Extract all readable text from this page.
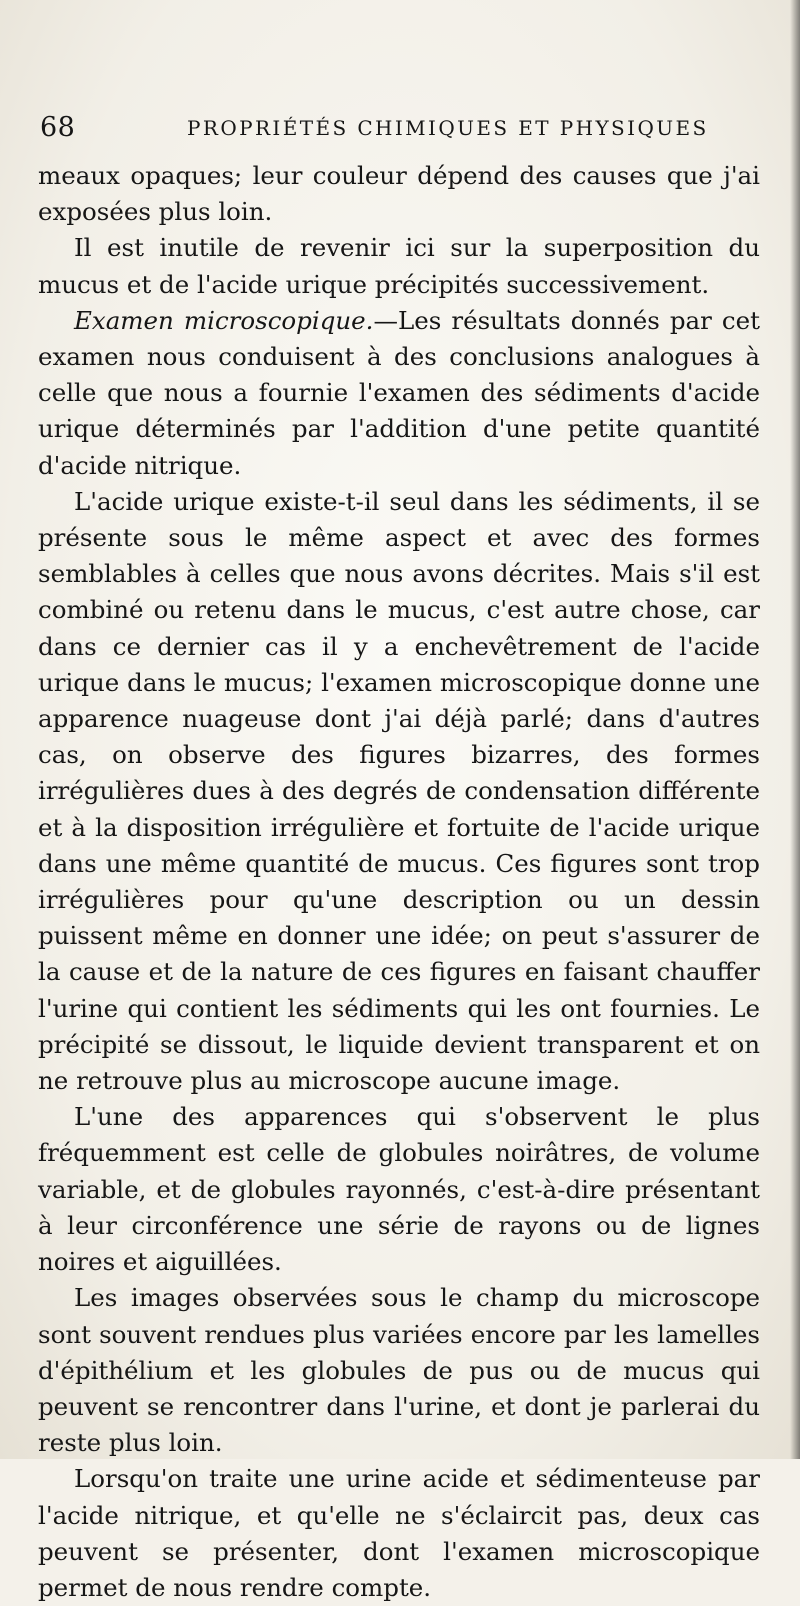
68	PROPRIÉTÉS CHIMIQUES ET PHYSIQUES

meaux opaques; leur couleur dépend des causes que j'ai exposées plus loin.

Il est inutile de revenir ici sur la superposition du mucus et de l'acide urique précipités successivement.

Examen microscopique.—Les résultats donnés par cet examen nous conduisent à des conclusions analogues à celle que nous a fournie l'examen des sédiments d'acide urique déterminés par l'addition d'une petite quantité d'acide nitrique.

L'acide urique existe-t-il seul dans les sédiments, il se présente sous le même aspect et avec des formes semblables à celles que nous avons décrites. Mais s'il est combiné ou retenu dans le mucus, c'est autre chose, car dans ce dernier cas il y a enchevêtrement de l'acide urique dans le mucus; l'examen microscopique donne une apparence nuageuse dont j'ai déjà parlé; dans d'autres cas, on observe des figures bizarres, des formes irrégulières dues à des degrés de condensation différente et à la disposition irrégulière et fortuite de l'acide urique dans une même quantité de mucus. Ces figures sont trop irrégulières pour qu'une description ou un dessin puissent même en donner une idée; on peut s'assurer de la cause et de la nature de ces figures en faisant chauffer l'urine qui contient les sédiments qui les ont fournies. Le précipité se dissout, le liquide devient transparent et on ne retrouve plus au microscope aucune image.

L'une des apparences qui s'observent le plus fréquemment est celle de globules noirâtres, de volume variable, et de globules rayonnés, c'est-à-dire présentant à leur circonférence une série de rayons ou de lignes noires et aiguillées.

Les images observées sous le champ du microscope sont souvent rendues plus variées encore par les lamelles d'épithélium et les globules de pus ou de mucus qui peuvent se rencontrer dans l'urine, et dont je parlerai du reste plus loin.

Lorsqu'on traite une urine acide et sédimenteuse par l'acide nitrique, et qu'elle ne s'éclaircit pas, deux cas peuvent se présenter, dont l'examen microscopique permet de nous rendre compte.
